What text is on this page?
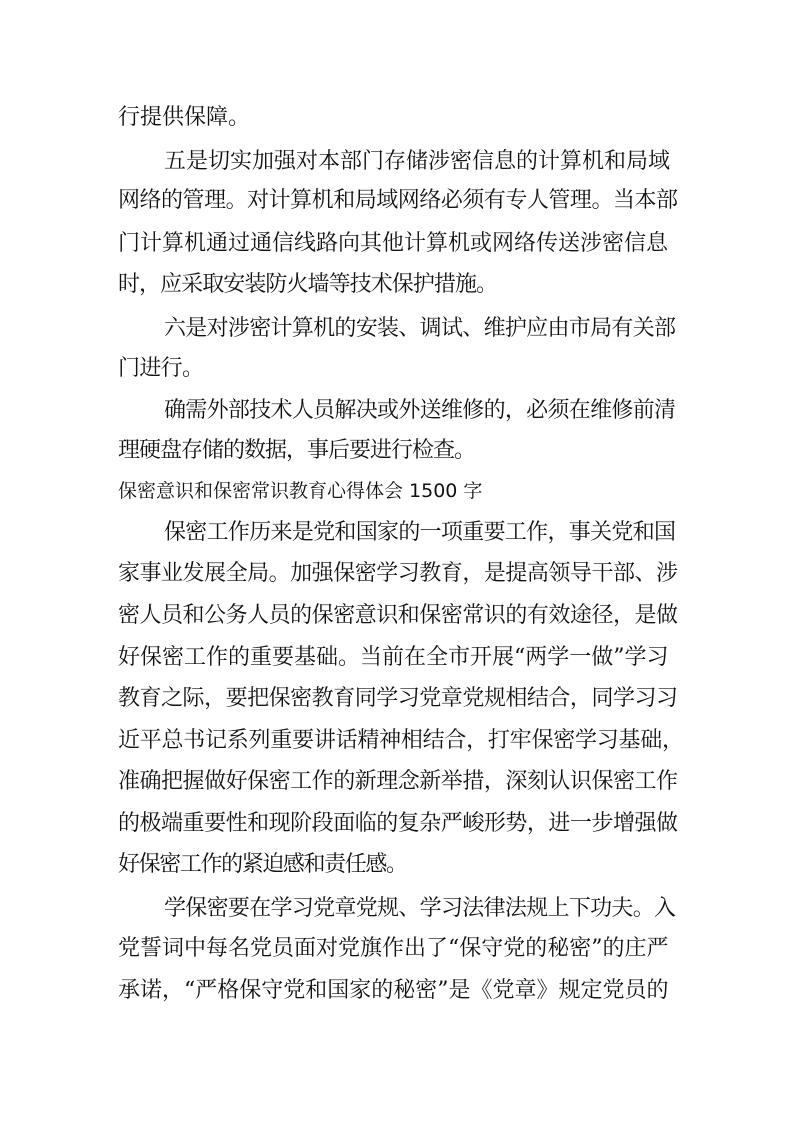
行提供保障。
五是切实加强对本部门存储涉密信息的计算机和局域
网络的管理。对计算机和局域网络必须有专人管理。当本部
门计算机通过通信线路向其他计算机或网络传送涉密信息
时，应采取安装防火墙等技术保护措施。
六是对涉密计算机的安装、调试、维护应由市局有关部
门进行。
确需外部技术人员解决或外送维修的，必须在维修前清
理硬盘存储的数据，事后要进行检查。
保密意识和保密常识教育心得体会 1500 字
保密工作历来是党和国家的一项重要工作，事关党和国
家事业发展全局。加强保密学习教育，是提高领导干部、涉
密人员和公务人员的保密意识和保密常识的有效途径，是做
好保密工作的重要基础。当前在全市开展“两学一做”学习
教育之际，要把保密教育同学习党章党规相结合，同学习习
近平总书记系列重要讲话精神相结合，打牢保密学习基础，
准确把握做好保密工作的新理念新举措，深刻认识保密工作
的极端重要性和现阶段面临的复杂严峻形势，进一步增强做
好保密工作的紧迫感和责任感。
学保密要在学习党章党规、学习法律法规上下功夫。入
党誓词中每名党员面对党旗作出了“保守党的秘密”的庄严
承诺，“严格保守党和国家的秘密”是《党章》规定党员的
